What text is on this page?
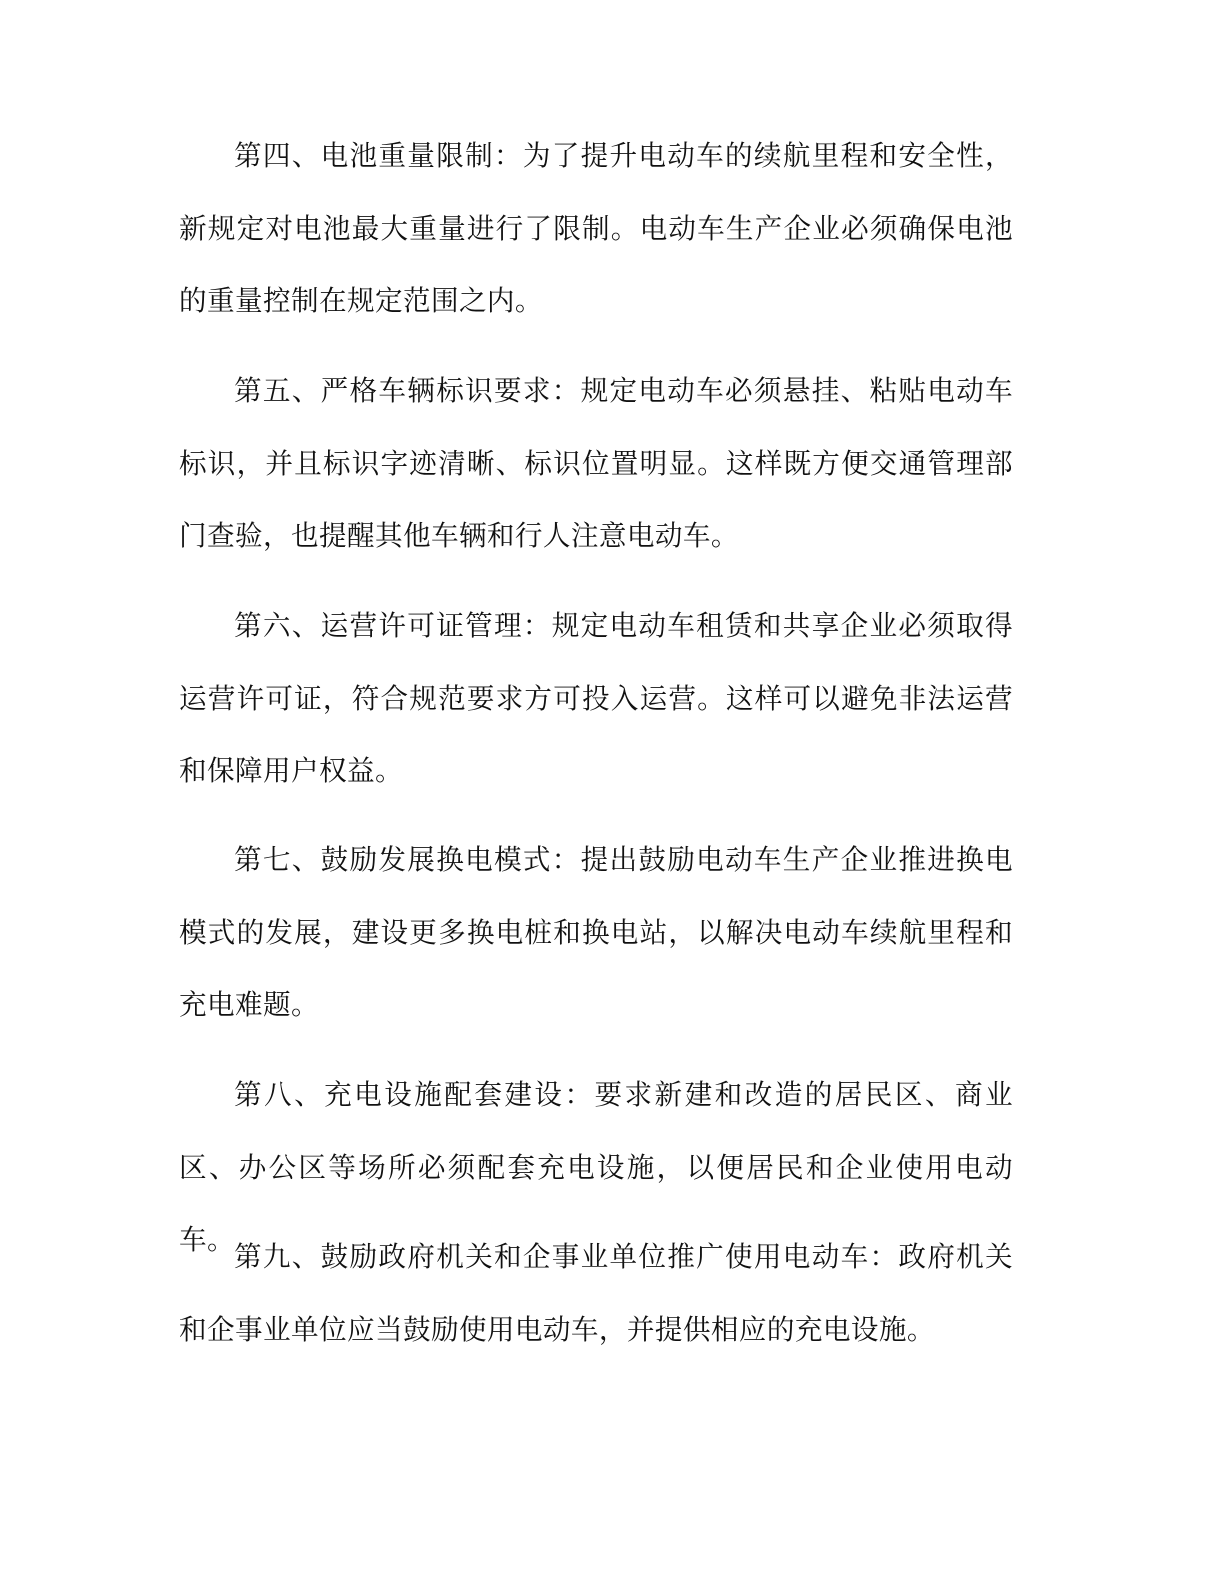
第四、电池重量限制：为了提升电动车的续航里程和安全性，新规定对电池最大重量进行了限制。电动车生产企业必须确保电池的重量控制在规定范围之内。

第五、严格车辆标识要求：规定电动车必须悬挂、粘贴电动车标识，并且标识字迹清晰、标识位置明显。这样既方便交通管理部门查验，也提醒其他车辆和行人注意电动车。

第六、运营许可证管理：规定电动车租赁和共享企业必须取得运营许可证，符合规范要求方可投入运营。这样可以避免非法运营和保障用户权益。

第七、鼓励发展换电模式：提出鼓励电动车生产企业推进换电模式的发展，建设更多换电桩和换电站，以解决电动车续航里程和充电难题。

第八、充电设施配套建设：要求新建和改造的居民区、商业区、办公区等场所必须配套充电设施，以便居民和企业使用电动车。

第九、鼓励政府机关和企事业单位推广使用电动车：政府机关和企事业单位应当鼓励使用电动车，并提供相应的充电设施。
